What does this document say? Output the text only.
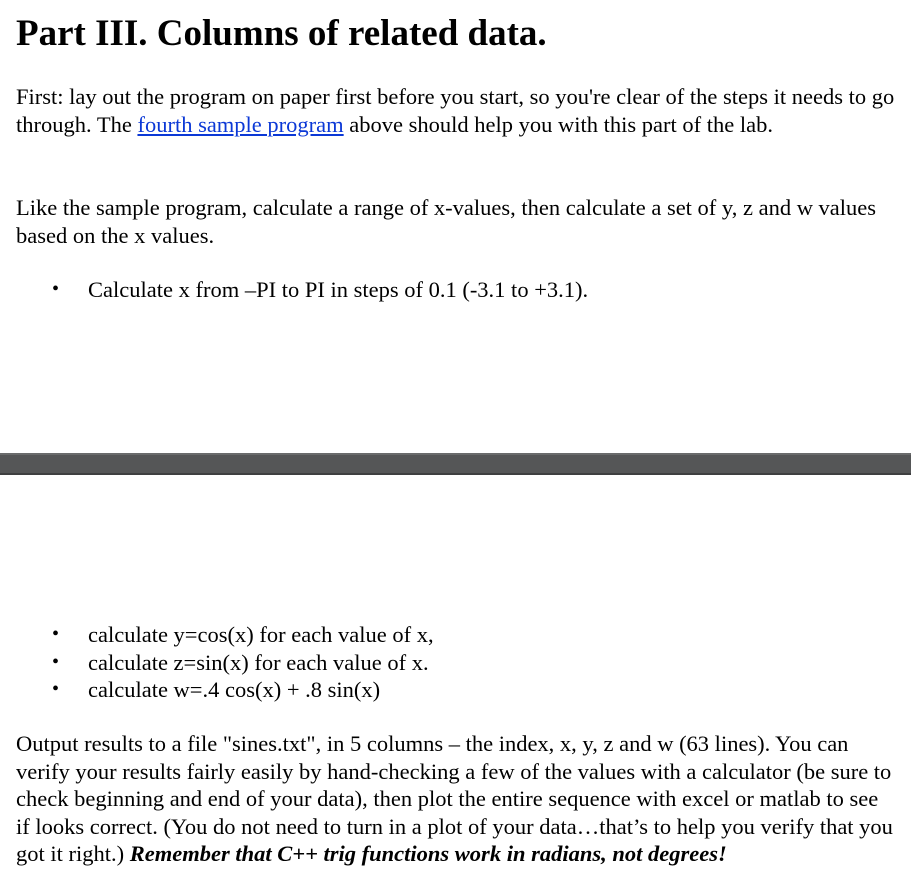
Part III. Columns of related data.

First: lay out the program on paper first before you start, so you're clear of the steps it needs to go through. The fourth sample program above should help you with this part of the lab.

Like the sample program, calculate a range of x-values, then calculate a set of y, z and w values based on the x values.

• Calculate x from –PI to PI in steps of 0.1 (-3.1 to +3.1).
• calculate y=cos(x) for each value of x,
• calculate z=sin(x) for each value of x.
• calculate w=.4 cos(x) + .8 sin(x)

Output results to a file "sines.txt", in 5 columns – the index, x, y, z and w (63 lines). You can verify your results fairly easily by hand-checking a few of the values with a calculator (be sure to check beginning and end of your data), then plot the entire sequence with excel or matlab to see if looks correct. (You do not need to turn in a plot of your data…that’s to help you verify that you got it right.) Remember that C++ trig functions work in radians, not degrees!
